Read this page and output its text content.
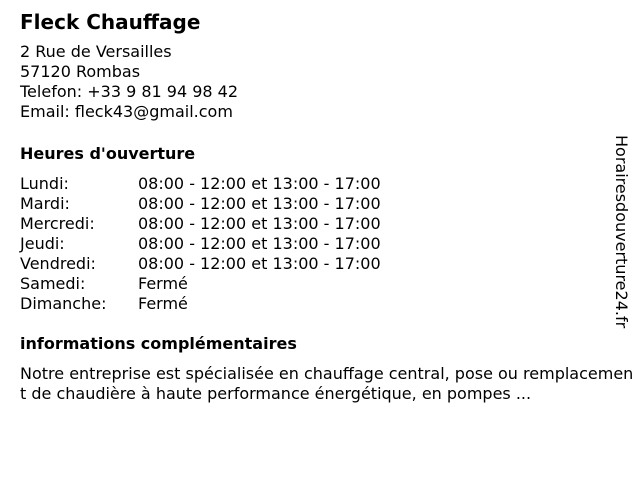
Fleck Chauffage
2 Rue de Versailles
57120 Rombas
Telefon: +33 9 81 94 98 42
Email: fleck43@gmail.com
Heures d'ouverture
Lundi:	08:00 - 12:00 et 13:00 - 17:00
Mardi:	08:00 - 12:00 et 13:00 - 17:00
Mercredi:	08:00 - 12:00 et 13:00 - 17:00
Jeudi:	08:00 - 12:00 et 13:00 - 17:00
Vendredi:	08:00 - 12:00 et 13:00 - 17:00
Samedi:	Fermé
Dimanche:	Fermé
informations complémentaires
Notre entreprise est spécialisée en chauffage central, pose ou remplacement de chaudière à haute performance énergétique, en pompes ...
Horairesdouverture24.fr
